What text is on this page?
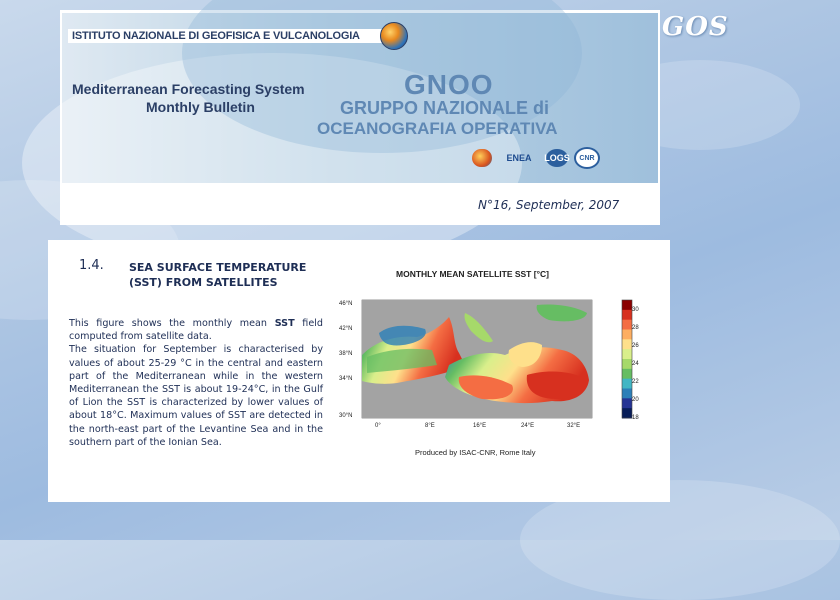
GOS
ISTITUTO NAZIONALE DI GEOFISICA E VULCANOLOGIA
Mediterranean Forecasting System
Monthly Bulletin
GNOO
GRUPPO NAZIONALE di
OCEANOGRAFIA OPERATIVA
ENEA	LOGS	CNR
N°16, September, 2007
1.4. SEA SURFACE TEMPERATURE (SST) FROM SATELLITES
This figure shows the monthly mean SST field computed from satellite data.
The situation for September is characterised by values of about 25-29 °C in the central and eastern part of the Mediterranean while in the western Mediterranean the SST is about 19-24°C, in the Gulf of Lion the SST is characterized by lower values of about 18°C. Maximum values of SST are detected in the north-east part of the Levantine Sea and in the southern part of the Ionian Sea.
MONTHLY MEAN SATELLITE SST [°C]
46°N
42°N
38°N
34°N
30°N
0°	8°E	16°E	24°E	32°E
30
28
26
24
22
20
18
Produced by ISAC-CNR, Rome Italy
